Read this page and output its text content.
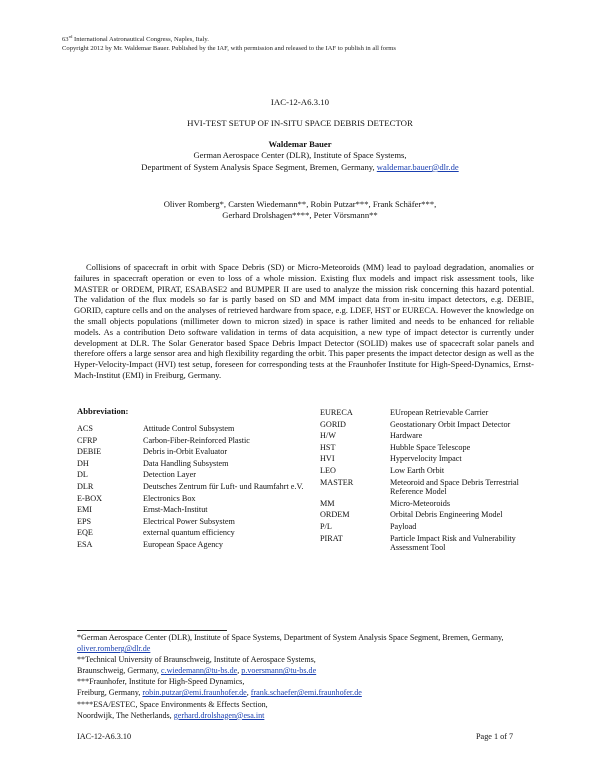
63rd International Astronautical Congress, Naples, Italy.
Copyright 2012 by Mr. Waldemar Bauer. Published by the IAF, with permission and released to the IAF to publish in all forms
IAC-12-A6.3.10
HVI-TEST SETUP OF IN-SITU SPACE DEBRIS DETECTOR
Waldemar Bauer
German Aerospace Center (DLR), Institute of Space Systems,
Department of System Analysis Space Segment, Bremen, Germany, waldemar.bauer@dlr.de
Oliver Romberg*, Carsten Wiedemann**, Robin Putzar***, Frank Schäfer***,
Gerhard Drolshagen****, Peter Vörsmann**
Collisions of spacecraft in orbit with Space Debris (SD) or Micro-Meteoroids (MM) lead to payload degradation, anomalies or failures in spacecraft operation or even to loss of a whole mission. Existing flux models and impact risk assessment tools, like MASTER or ORDEM, PIRAT, ESABASE2 and BUMPER II are used to analyze the mission risk concerning this hazard potential. The validation of the flux models so far is partly based on SD and MM impact data from in-situ impact detectors, e.g. DEBIE, GORID, capture cells and on the analyses of retrieved hardware from space, e.g. LDEF, HST or EURECA. However the knowledge on the small objects populations (millimeter down to micron sized) in space is rather limited and needs to be enhanced for reliable models. As a contribution Deto software validation in terms of data acquisition, a new type of impact detector is currently under development at DLR. The Solar Generator based Space Debris Impact Detector (SOLID) makes use of spacecraft solar panels and therefore offers a large sensor area and high flexibility regarding the orbit. This paper presents the impact detector design as well as the Hyper-Velocity-Impact (HVI) test setup, foreseen for corresponding tests at the Fraunhofer Institute for High-Speed-Dynamics, Ernst-Mach-Institut (EMI) in Freiburg, Germany.
Abbreviation:
ACS	Attitude Control Subsystem
CFRP	Carbon-Fiber-Reinforced Plastic
DEBIE	Debris in-Orbit Evaluator
DH	Data Handling Subsystem
DL	Detection Layer
DLR	Deutsches Zentrum für Luft- und Raumfahrt e.V.
E-BOX	Electronics Box
EMI	Ernst-Mach-Institut
EPS	Electrical Power Subsystem
EQE	external quantum efficiency
ESA	European Space Agency
EURECA	EUropean Retrievable Carrier
GORID	Geostationary Orbit Impact Detector
H/W	Hardware
HST	Hubble Space Telescope
HVI	Hypervelocity Impact
LEO	Low Earth Orbit
MASTER	Meteoroid and Space Debris Terrestrial Reference Model
MM	Micro-Meteoroids
ORDEM	Orbital Debris Engineering Model
P/L	Payload
PIRAT	Particle Impact Risk and Vulnerability Assessment Tool
*German Aerospace Center (DLR), Institute of Space Systems, Department of System Analysis Space Segment, Bremen, Germany, oliver.romberg@dlr.de
**Technical University of Braunschweig, Institute of Aerospace Systems,
Braunschweig, Germany, c.wiedemann@tu-bs.de, p.voersmann@tu-bs.de
***Fraunhofer, Institute for High-Speed Dynamics,
Freiburg, Germany, robin.putzar@emi.fraunhofer.de, frank.schaefer@emi.fraunhofer.de
****ESA/ESTEC, Space Environments & Effects Section,
Noordwijk, The Netherlands, gerhard.drolshagen@esa.int
IAC-12-A6.3.10	Page 1 of 7
